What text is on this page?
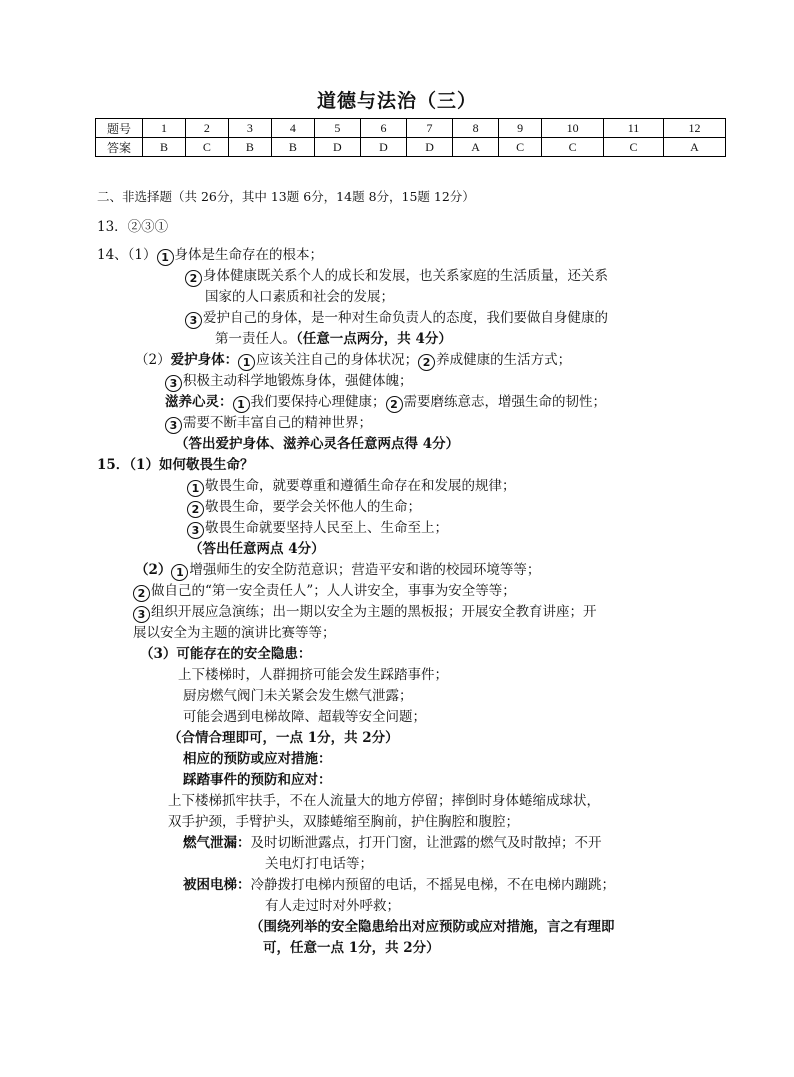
道德与法治（三）
题号	1	2	3	4	5	6	7	8	9	10	11	12
答案	B	C	B	B	D	D	D	A	C	C	C	A
二、非选择题（共 26分，其中 13题 6分，14题 8分，15题 12分）
13．②③①
14、（1） 1 身体是生命存在的根本；
2 身体健康既关系个人的成长和发展，也关系家庭的生活质量，还关系
国家的人口素质和社会的发展；
3 爱护自己的身体，是一种对生命负责人的态度，我们要做自身健康的
第一责任人。（任意一点两分，共 4分）
（2）爱护身体： 1 应该关注自己的身体状况； 2 养成健康的生活方式；
3 积极主动科学地锻炼身体，强健体魄；
滋养心灵： 1 我们要保持心理健康； 2 需要磨练意志，增强生命的韧性；
3 需要不断丰富自己的精神世界；
（答出爱护身体、滋养心灵各任意两点得 4分）
15．（1）如何敬畏生命？
1 敬畏生命，就要尊重和遵循生命存在和发展的规律；
2 敬畏生命，要学会关怀他人的生命；
3 敬畏生命就要坚持人民至上、生命至上；
（答出任意两点 4分）
（2） 1 增强师生的安全防范意识；营造平安和谐的校园环境等等；
2 做自己的“第一安全责任人”；人人讲安全，事事为安全等等；
3 组织开展应急演练；出一期以安全为主题的黑板报；开展安全教育讲座；开
展以安全为主题的演讲比赛等等；
（3）可能存在的安全隐患：
上下楼梯时，人群拥挤可能会发生踩踏事件；
厨房燃气阀门未关紧会发生燃气泄露；
可能会遇到电梯故障、超载等安全问题；
（合情合理即可，一点 1分，共 2分）
相应的预防或应对措施：
踩踏事件的预防和应对：
上下楼梯抓牢扶手，不在人流量大的地方停留；摔倒时身体蜷缩成球状，
双手护颈，手臂护头，双膝蜷缩至胸前，护住胸腔和腹腔；
燃气泄漏：及时切断泄露点，打开门窗，让泄露的燃气及时散掉；不开
关电灯打电话等；
被困电梯：冷静拨打电梯内预留的电话，不摇晃电梯，不在电梯内蹦跳；
有人走过时对外呼救；
（围绕列举的安全隐患给出对应预防或应对措施，言之有理即
可，任意一点 1分，共 2分）
